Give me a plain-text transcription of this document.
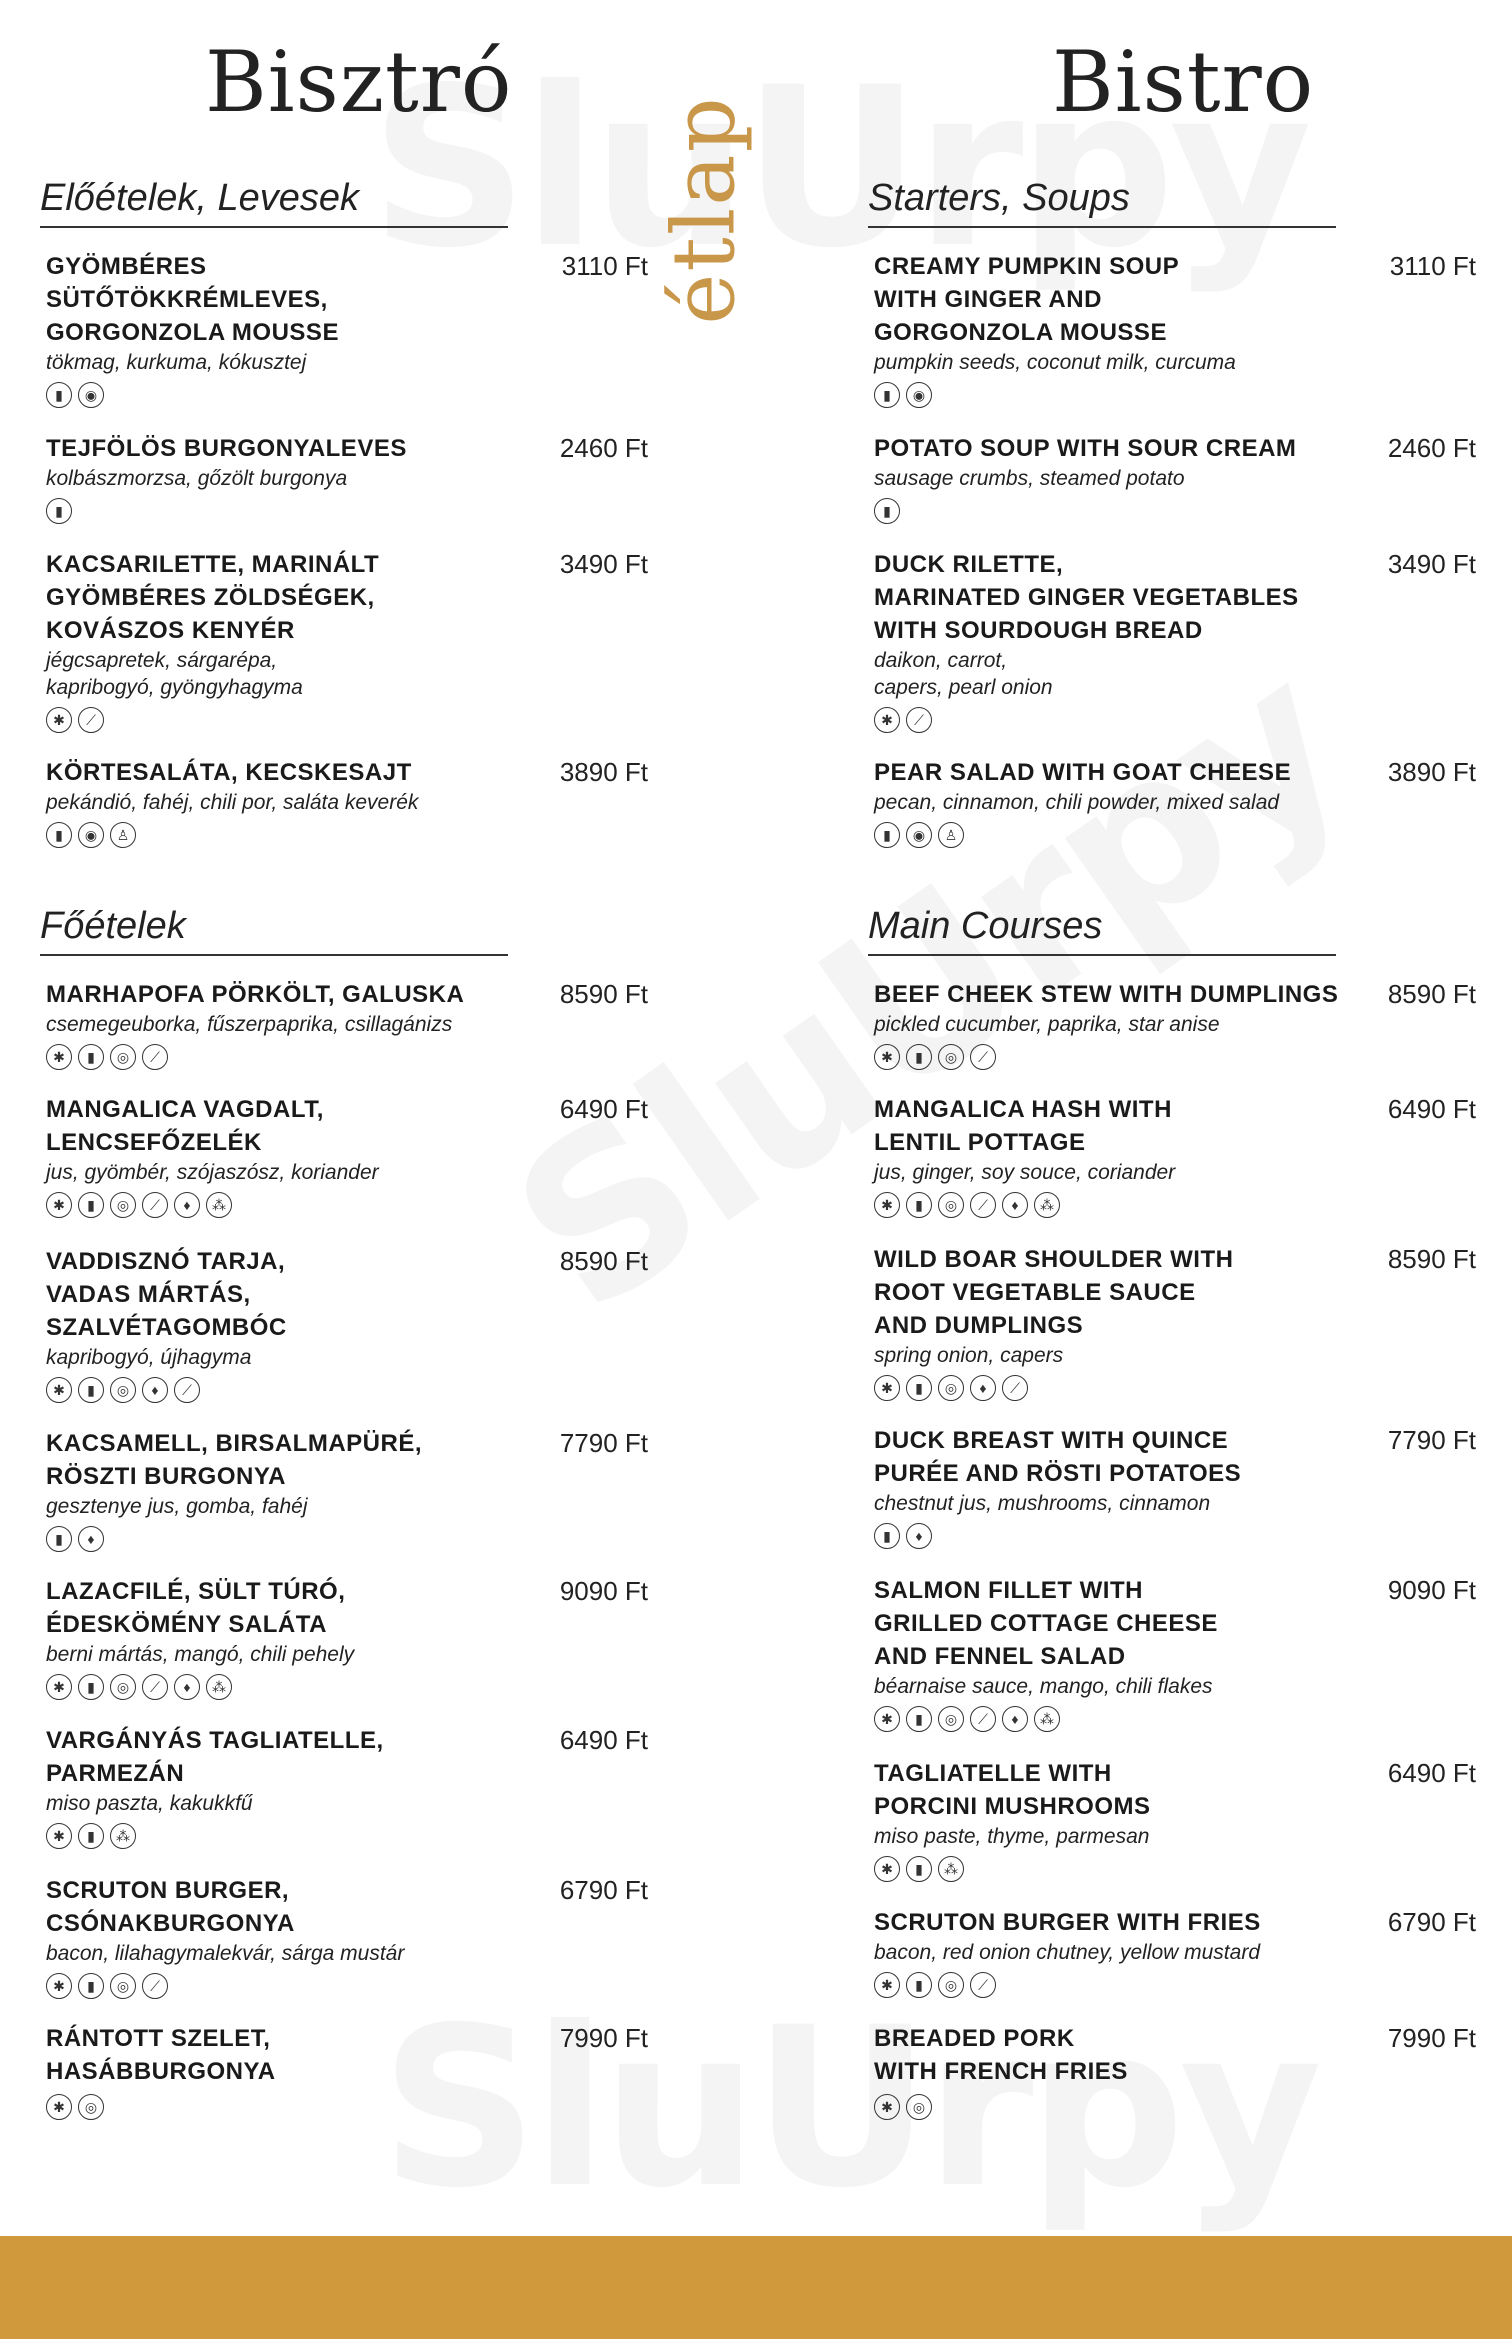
Bisztró	Bistro
étlap
Előételek, Levesek
GYÖMBÉRES
SÜTŐTÖKKRÉMLEVES,
GORGONZOLA MOUSSE
3110 Ft
tökmag, kurkuma, kókusztej
▮	◉
TEJFÖLÖS BURGONYALEVES	2460 Ft
kolbászmorzsa, gőzölt burgonya
▮
KACSARILETTE, MARINÁLT
GYÖMBÉRES ZÖLDSÉGEK,
KOVÁSZOS KENYÉR
3490 Ft
jégcsapretek, sárgarépa,
kapribogyó, gyöngyhagyma
✱	⟋
KÖRTESALÁTA, KECSKESAJT	3890 Ft
pekándió, fahéj, chili por, saláta keverék
▮	◉	♙
Főételek
MARHAPOFA PÖRKÖLT, GALUSKA	8590 Ft
csemegeuborka, fűszerpaprika, csillagánizs
✱	▮	◎	⟋
MANGALICA VAGDALT,
LENCSEFŐZELÉK
6490 Ft
jus, gyömbér, szójaszósz, koriander
✱	▮	◎	⟋	♦	⁂
VADDISZNÓ TARJA,
VADAS MÁRTÁS,
SZALVÉTAGOMBÓC
8590 Ft
kapribogyó, újhagyma
✱	▮	◎	♦	⟋
KACSAMELL, BIRSALMAPÜRÉ,
RÖSZTI BURGONYA
7790 Ft
gesztenye jus, gomba, fahéj
▮	♦
LAZACFILÉ, SÜLT TÚRÓ,
ÉDESKÖMÉNY SALÁTA
9090 Ft
berni mártás, mangó, chili pehely
✱	▮	◎	⟋	♦	⁂
VARGÁNYÁS TAGLIATELLE,
PARMEZÁN
6490 Ft
miso paszta, kakukkfű
✱	▮	⁂
SCRUTON BURGER,
CSÓNAKBURGONYA
6790 Ft
bacon, lilahagymalekvár, sárga mustár
✱	▮	◎	⟋
RÁNTOTT SZELET,
HASÁBBURGONYA
7990 Ft
✱	◎
Starters, Soups
CREAMY PUMPKIN SOUP
WITH GINGER AND
GORGONZOLA MOUSSE
3110 Ft
pumpkin seeds, coconut milk, curcuma
▮	◉
POTATO SOUP WITH SOUR CREAM	2460 Ft
sausage crumbs, steamed potato
▮
DUCK RILETTE,
MARINATED GINGER VEGETABLES
WITH SOURDOUGH BREAD
3490 Ft
daikon, carrot,
capers, pearl onion
✱	⟋
PEAR SALAD WITH GOAT CHEESE	3890 Ft
pecan, cinnamon, chili powder, mixed salad
▮	◉	♙
Main Courses
BEEF CHEEK STEW WITH DUMPLINGS	8590 Ft
pickled cucumber, paprika, star anise
✱	▮	◎	⟋
MANGALICA HASH WITH
LENTIL POTTAGE
6490 Ft
jus, ginger, soy souce, coriander
✱	▮	◎	⟋	♦	⁂
WILD BOAR SHOULDER WITH
ROOT VEGETABLE SAUCE
AND DUMPLINGS
8590 Ft
spring onion, capers
✱	▮	◎	♦	⟋
DUCK BREAST WITH QUINCE
PURÉE AND RÖSTI POTATOES
7790 Ft
chestnut jus, mushrooms, cinnamon
▮	♦
SALMON FILLET WITH
GRILLED COTTAGE CHEESE
AND FENNEL SALAD
9090 Ft
béarnaise sauce, mango, chili flakes
✱	▮	◎	⟋	♦	⁂
TAGLIATELLE WITH
PORCINI MUSHROOMS
6490 Ft
miso paste, thyme, parmesan
✱	▮	⁂
SCRUTON BURGER WITH FRIES	6790 Ft
bacon, red onion chutney, yellow mustard
✱	▮	◎	⟋
BREADED PORK
WITH FRENCH FRIES
7990 Ft
✱	◎
